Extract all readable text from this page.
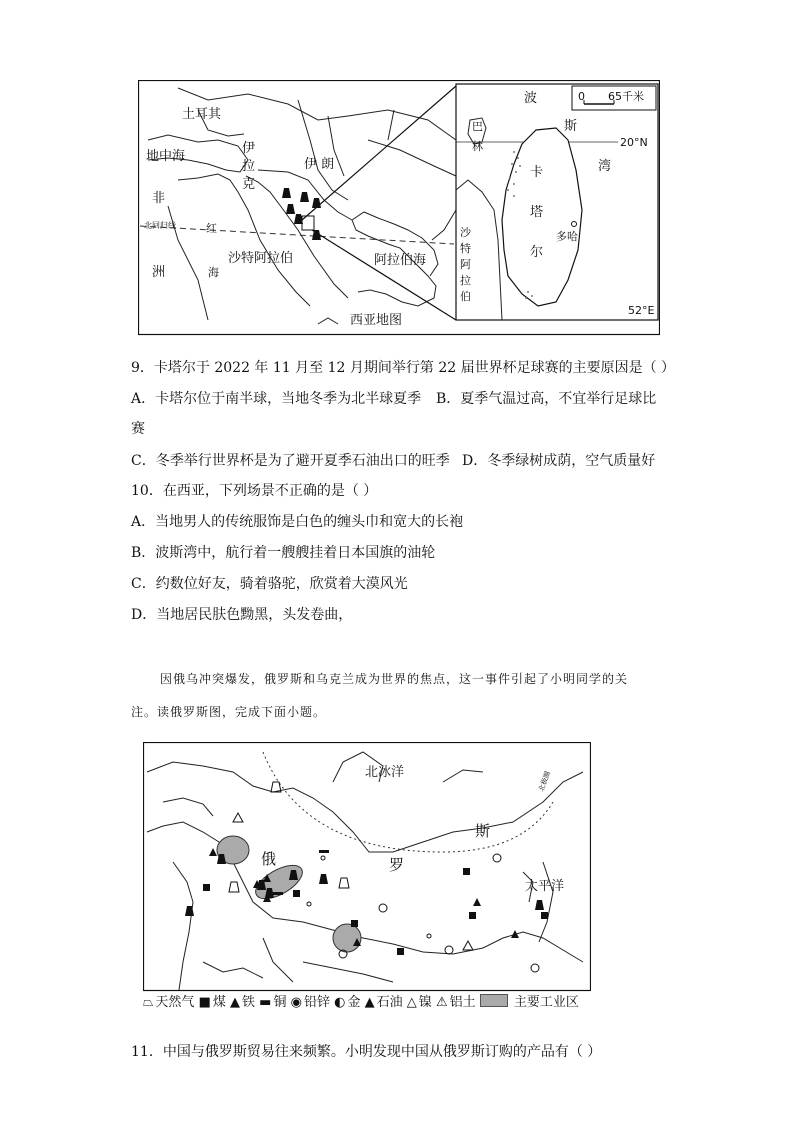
土耳其
地中海
伊
拉
克
伊 朗
非
北回归线	红
海
洲
沙特阿拉伯	阿拉伯海
西亚地图
0 65千米
20°N
巴
林
卡
塔
尔
多哈
波
斯
湾
沙
特
阿
拉
伯
52°E
9．卡塔尔于 2022 年 11 月至 12 月期间举行第 22 届世界杯足球赛的主要原因是（ ）
A．卡塔尔位于南半球，当地冬季为北半球夏季 B．夏季气温过高，不宜举行足球比
赛
C．冬季举行世界杯是为了避开夏季石油出口的旺季 D．冬季绿树成荫，空气质量好
10．在西亚，下列场景不正确的是（ ）
A．当地男人的传统服饰是白色的缠头巾和宽大的长袍
B．波斯湾中，航行着一艘艘挂着日本国旗的油轮
C．约数位好友，骑着骆驼，欣赏着大漠风光
D．当地居民肤色黝黑，头发卷曲，
因俄乌冲突爆发，俄罗斯和乌克兰成为世界的焦点，这一事件引起了小明同学的关
注。读俄罗斯图，完成下面小题。
北冰洋	北极圈
俄	罗
斯
太平洋
⏢ 天然气 ■ 煤 ▲ 铁 ▬ 铜 ◉ 铅锌 ◐ 金 ▲ 石油 △ 镍 ⚠ 铝土	主要工业区
11．中国与俄罗斯贸易往来频繁。小明发现中国从俄罗斯订购的产品有（ ）
